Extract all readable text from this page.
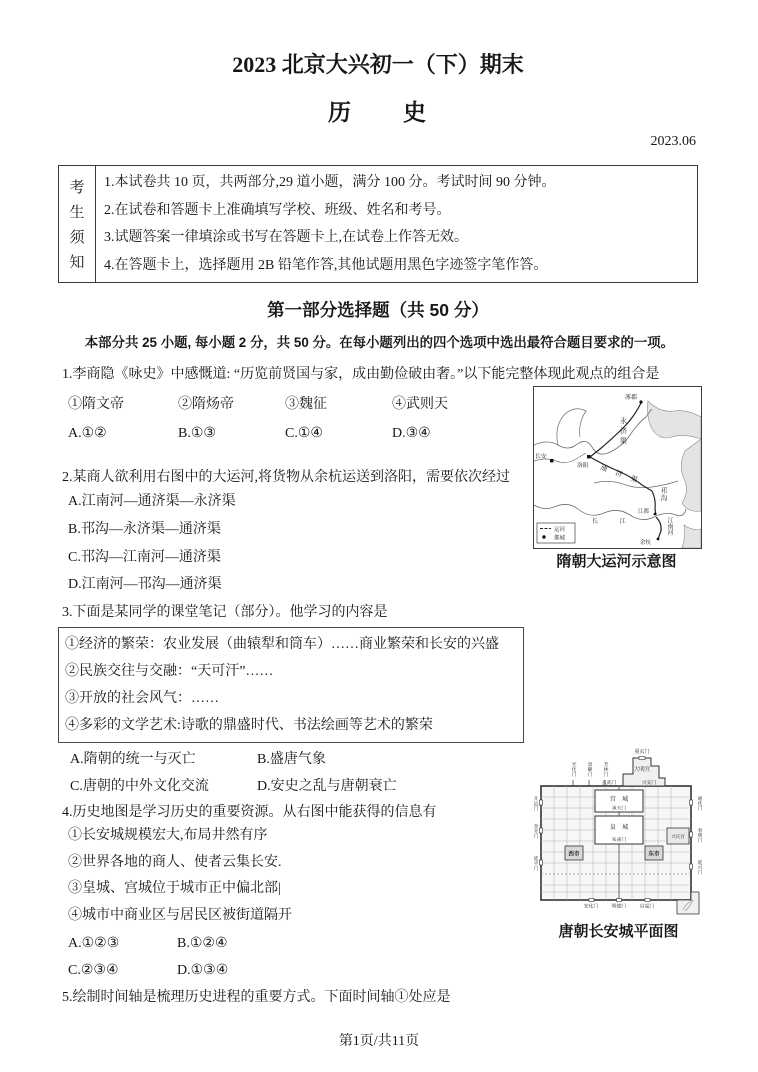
2023 北京大兴初一（下）期末
历　　史
2023.06
考
生
须
知
1.本试卷共 10 页，共两部分,29 道小题，满分 100 分。考试时间 90 分钟。
2.在试卷和答题卡上准确填写学校、班级、姓名和考号。
3.试题答案一律填涂或书写在答题卡上,在试卷上作答无效。
4.在答题卡上，选择题用 2B 铅笔作答,其他试题用黑色字迹签字笔作答。
第一部分选择题（共 50 分）
本部分共 25 小题, 每小题 2 分，共 50 分。在每小题列出的四个选项中选出最符合题目要求的一项。
1.李商隐《咏史》中感慨道: “历览前贤国与家，成由勤俭破由奢。”以下能完整体现此观点的组合是
①隋文帝	②隋炀帝	③魏征	④武则天
A.①②	B.①③	C.①④	D.③④
2.某商人欲利用右图中的大运河,将货物从余杭运送到洛阳，需要依次经过
A.江南河—通济渠—永济渠
B.邗沟—永济渠—通济渠
C.邗沟—江南河—通济渠
D.江南河—邗沟—通济渠
3.下面是某同学的课堂笔记（部分）。他学习的内容是
①经济的繁荣：农业发展（曲辕犁和筒车）……商业繁荣和长安的兴盛
②民族交往与交融：“天可汗”……
③开放的社会风气：……
④多彩的文学艺术:诗歌的鼎盛时代、书法绘画等艺术的繁荣
A.隋朝的统一与灭亡	B.盛唐气象
C.唐朝的中外文化交流	D.安史之乱与唐朝衰亡
4.历史地图是学习历史的重要资源。从右图中能获得的信息有
①长安城规模宏大,布局井然有序
②世界各地的商人、使者云集长安.
③皇城、宫城位于城市正中偏北部|
④城市中商业区与居民区被街道隔开
A.①②③	B.①②④
C.②③④	D.①③④
5.绘制时间轴是梳理历史进程的重要方式。下面时间轴①处应是
涿郡
永济渠
长安
洛阳 通济渠
邗沟
江都
江南河
余杭
长 江
运河
都城
隋朝大运河示意图
大明宫
重玄门
玄武门	兴安门
光化门 景曜门 芳林门
宫　城
承天门
皇　城
朱雀门
兴庆宫
西市	东市
开远门
金光门
延平门
通化门
春明门
延兴门
安化门	明德门	启夏门
唐朝长安城平面图
第1页/共11页
